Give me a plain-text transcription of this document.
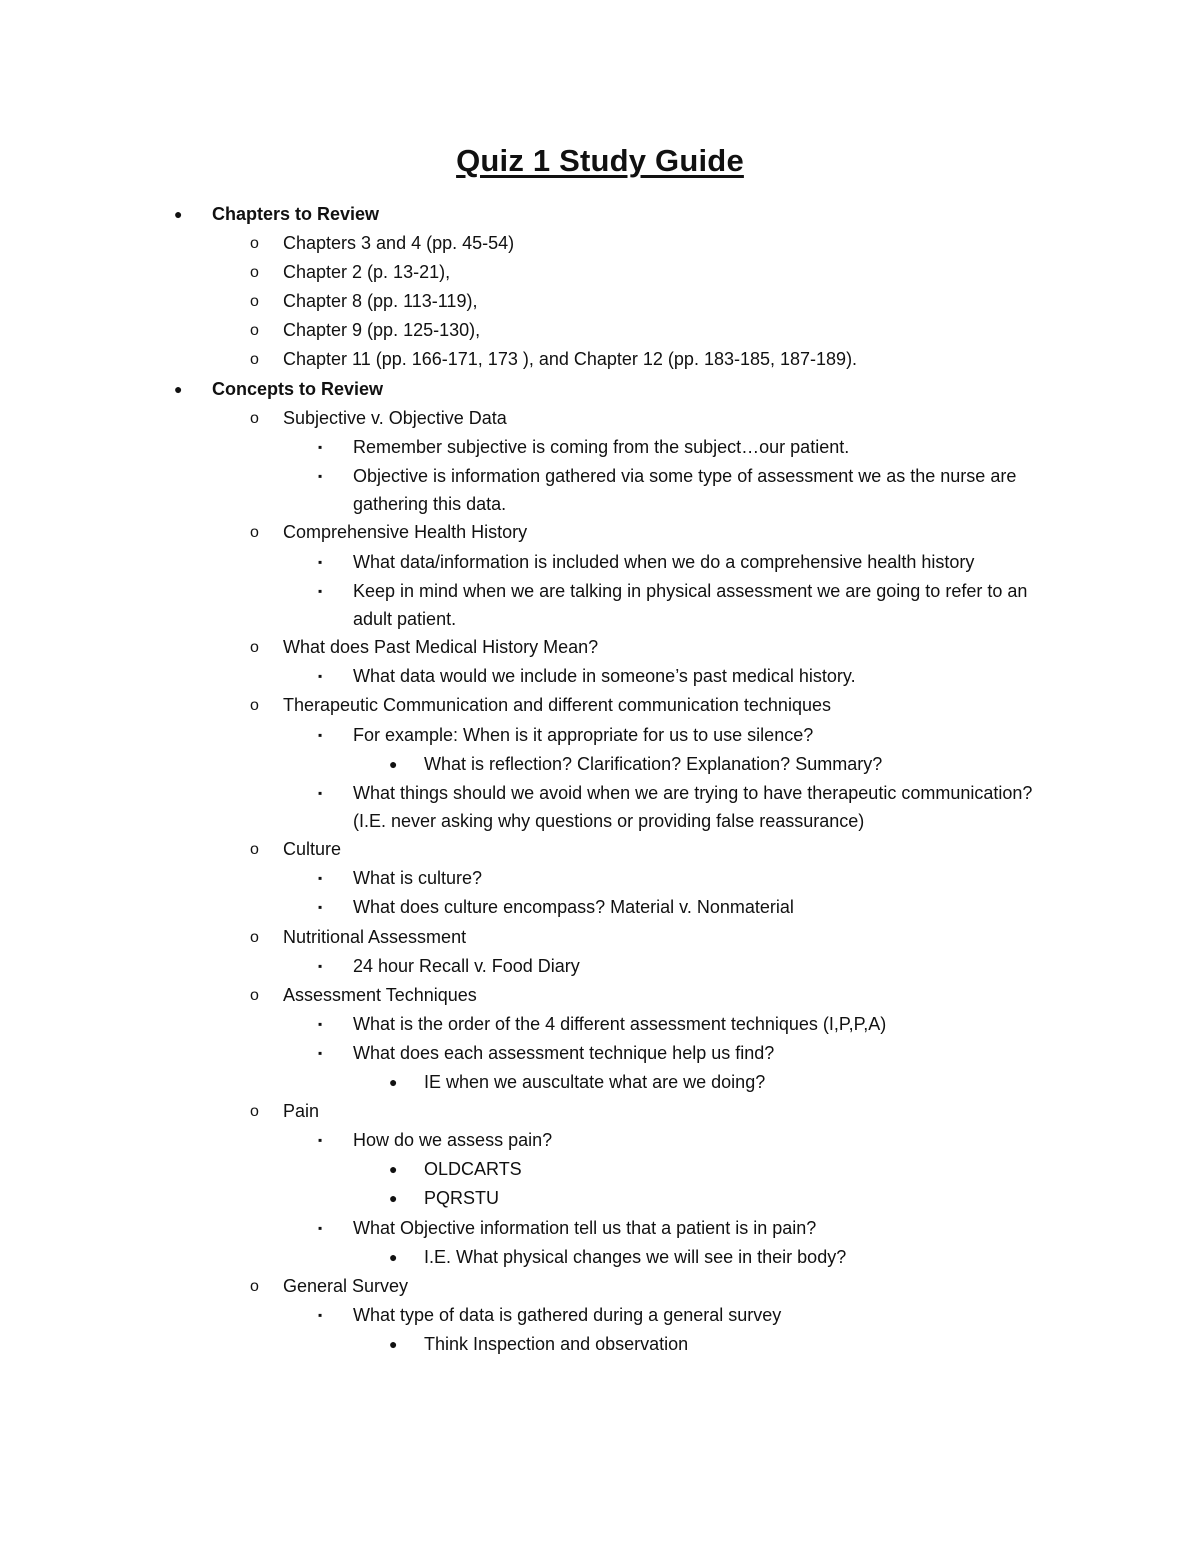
Quiz 1 Study Guide
● Chapters to Review
o Chapters 3 and 4 (pp. 45-54)
o Chapter 2 (p. 13-21),
o Chapter 8 (pp. 113-119),
o Chapter 9 (pp. 125-130),
o Chapter 11 (pp. 166-171, 173 ), and Chapter 12 (pp. 183-185, 187-189).
● Concepts to Review
o Subjective v. Objective Data
▪ Remember subjective is coming from the subject…our patient.
▪ Objective is information gathered via some type of assessment we as the nurse are gathering this data.
o Comprehensive Health History
▪ What data/information is included when we do a comprehensive health history
▪ Keep in mind when we are talking in physical assessment we are going to refer to an adult patient.
o What does Past Medical History Mean?
▪ What data would we include in someone’s past medical history.
o Therapeutic Communication and different communication techniques
▪ For example: When is it appropriate for us to use silence?
● What is reflection? Clarification? Explanation? Summary?
▪ What things should we avoid when we are trying to have therapeutic communication? (I.E. never asking why questions or providing false reassurance)
o Culture
▪ What is culture?
▪ What does culture encompass? Material v. Nonmaterial
o Nutritional Assessment
▪ 24 hour Recall v. Food Diary
o Assessment Techniques
▪ What is the order of the 4 different assessment techniques (I,P,P,A)
▪ What does each assessment technique help us find?
● IE when we auscultate what are we doing?
o Pain
▪ How do we assess pain?
● OLDCARTS
● PQRSTU
▪ What Objective information tell us that a patient is in pain?
● I.E. What physical changes we will see in their body?
o General Survey
▪ What type of data is gathered during a general survey
● Think Inspection and observation
